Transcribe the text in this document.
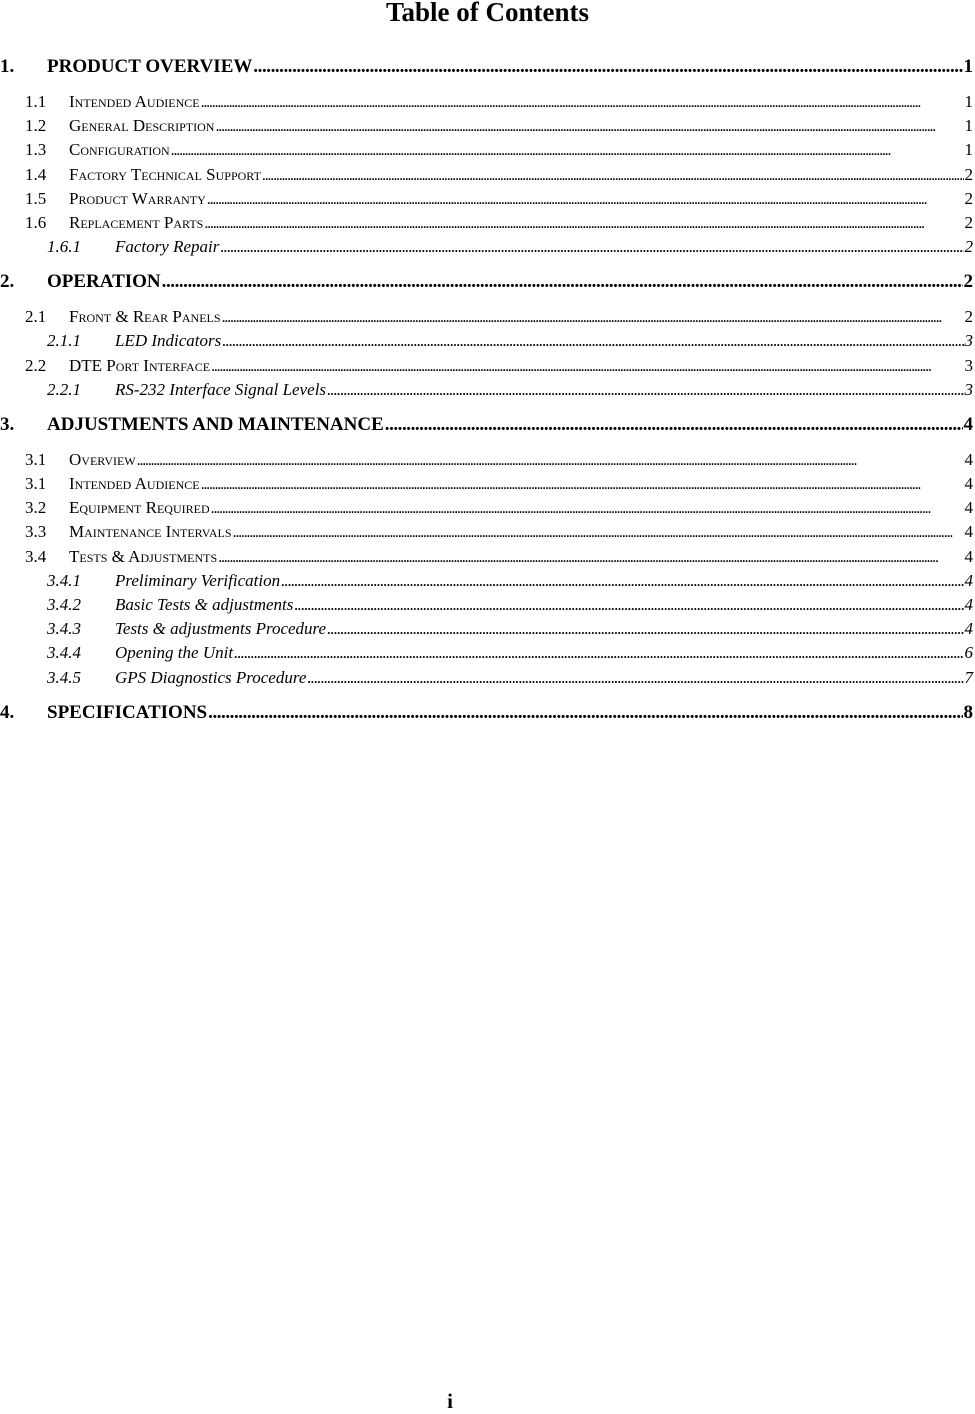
Table of Contents
1.	PRODUCT OVERVIEW . . .	1
1.1	Intended Audience . . .	1
1.2	General Description . . .	1
1.3	Configuration . . .	1
1.4	Factory Technical Support . . .	2
1.5	Product Warranty . . .	2
1.6	Replacement Parts . . .	2
1.6.1	Factory Repair . . .	2
2.	OPERATION . . .	2
2.1	Front & Rear Panels . . .	2
2.1.1	LED Indicators . . .	3
2.2	DTE Port Interface . . .	3
2.2.1	RS-232 Interface Signal Levels . . .	3
3.	ADJUSTMENTS AND MAINTENANCE . . .	4
3.1	Overview . . .	4
3.1	Intended Audience . . .	4
3.2	Equipment Required . . .	4
3.3	Maintenance Intervals . . .	4
3.4	Tests & Adjustments . . .	4
3.4.1	Preliminary Verification . . .	4
3.4.2	Basic Tests & adjustments . . .	4
3.4.3	Tests & adjustments Procedure . . .	4
3.4.4	Opening the Unit . . .	6
3.4.5	GPS Diagnostics Procedure . . .	7
4.	SPECIFICATIONS . . .	8
i
